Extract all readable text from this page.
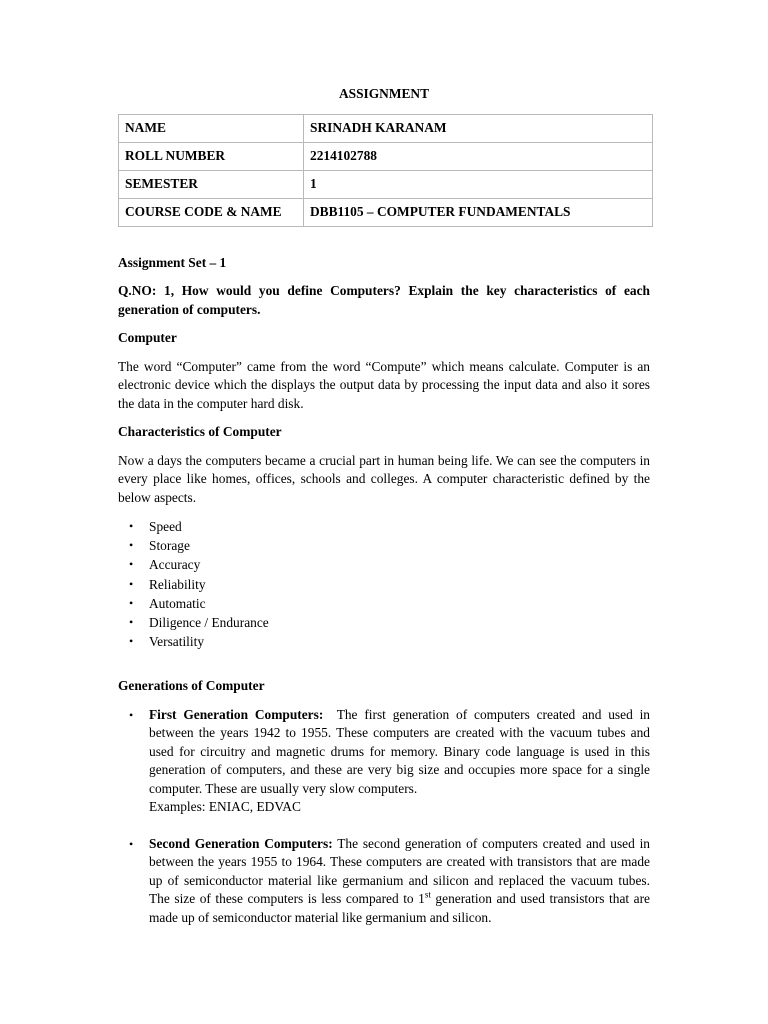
ASSIGNMENT
NAME	SRINADH KARANAM
ROLL NUMBER	2214102788
SEMESTER	1
COURSE CODE & NAME	DBB1105 – COMPUTER FUNDAMENTALS
Assignment Set – 1
Q.NO: 1, How would you define Computers? Explain the key characteristics of each generation of computers.
Computer
The word “Computer” came from the word “Compute” which means calculate. Computer is an electronic device which the displays the output data by processing the input data and also it sores the data in the computer hard disk.
Characteristics of Computer
Now a days the computers became a crucial part in human being life. We can see the computers in every place like homes, offices, schools and colleges. A computer characteristic defined by the below aspects.
• Speed
• Storage
• Accuracy
• Reliability
• Automatic
• Diligence / Endurance
• Versatility
Generations of Computer
• First Generation Computers:  The first generation of computers created and used in between the years 1942 to 1955. These computers are created with the vacuum tubes and used for circuitry and magnetic drums for memory. Binary code language is used in this generation of computers, and these are very big size and occupies more space for a single computer. These are usually very slow computers.
Examples: ENIAC, EDVAC
• Second Generation Computers: The second generation of computers created and used in between the years 1955 to 1964. These computers are created with transistors that are made up of semiconductor material like germanium and silicon and replaced the vacuum tubes. The size of these computers is less compared to 1st generation and used transistors that are made up of semiconductor material like germanium and silicon.
